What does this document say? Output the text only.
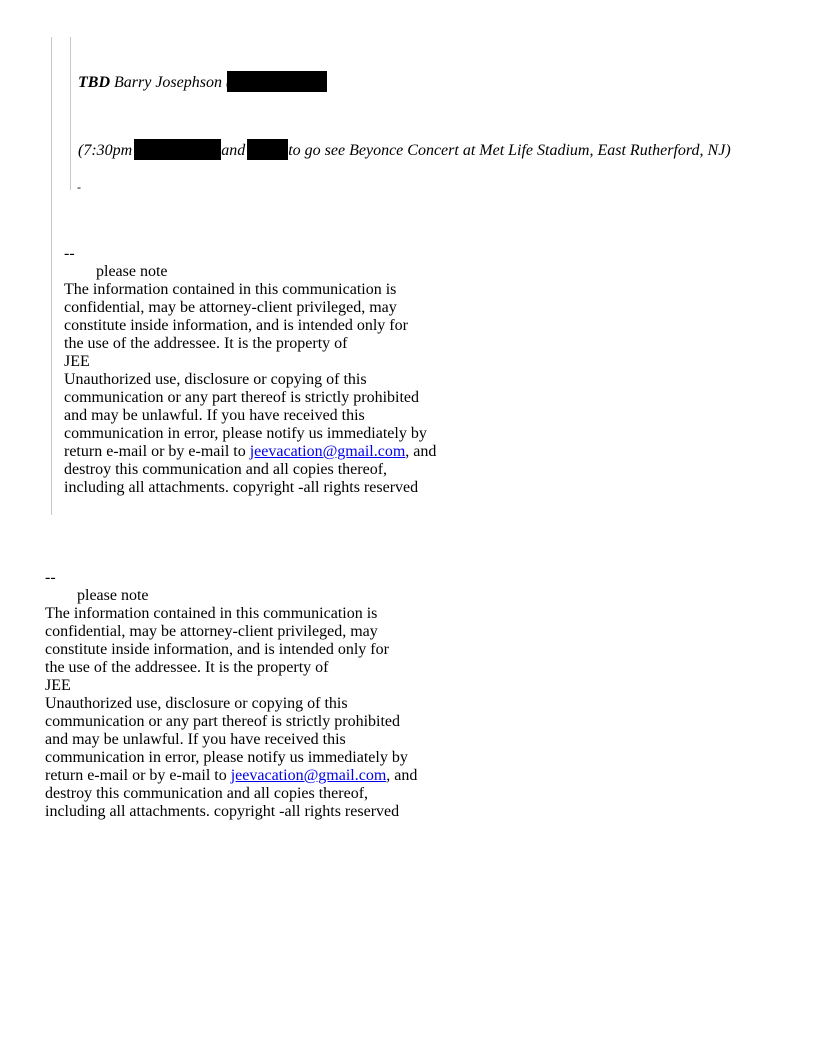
TBD Barry Josephson
(7:30pm	and	to go see Beyonce Concert at Met Life Stadium, East Rutherford, NJ)
-
--
please note
The information contained in this communication is
confidential, may be attorney-client privileged, may
constitute inside information, and is intended only for
the use of the addressee. It is the property of
JEE
Unauthorized use, disclosure or copying of this
communication or any part thereof is strictly prohibited
and may be unlawful. If you have received this
communication in error, please notify us immediately by
return e-mail or by e-mail to jeevacation@gmail.com, and
destroy this communication and all copies thereof,
including all attachments. copyright -all rights reserved
--
please note
The information contained in this communication is
confidential, may be attorney-client privileged, may
constitute inside information, and is intended only for
the use of the addressee. It is the property of
JEE
Unauthorized use, disclosure or copying of this
communication or any part thereof is strictly prohibited
and may be unlawful. If you have received this
communication in error, please notify us immediately by
return e-mail or by e-mail to jeevacation@gmail.com, and
destroy this communication and all copies thereof,
including all attachments. copyright -all rights reserved
